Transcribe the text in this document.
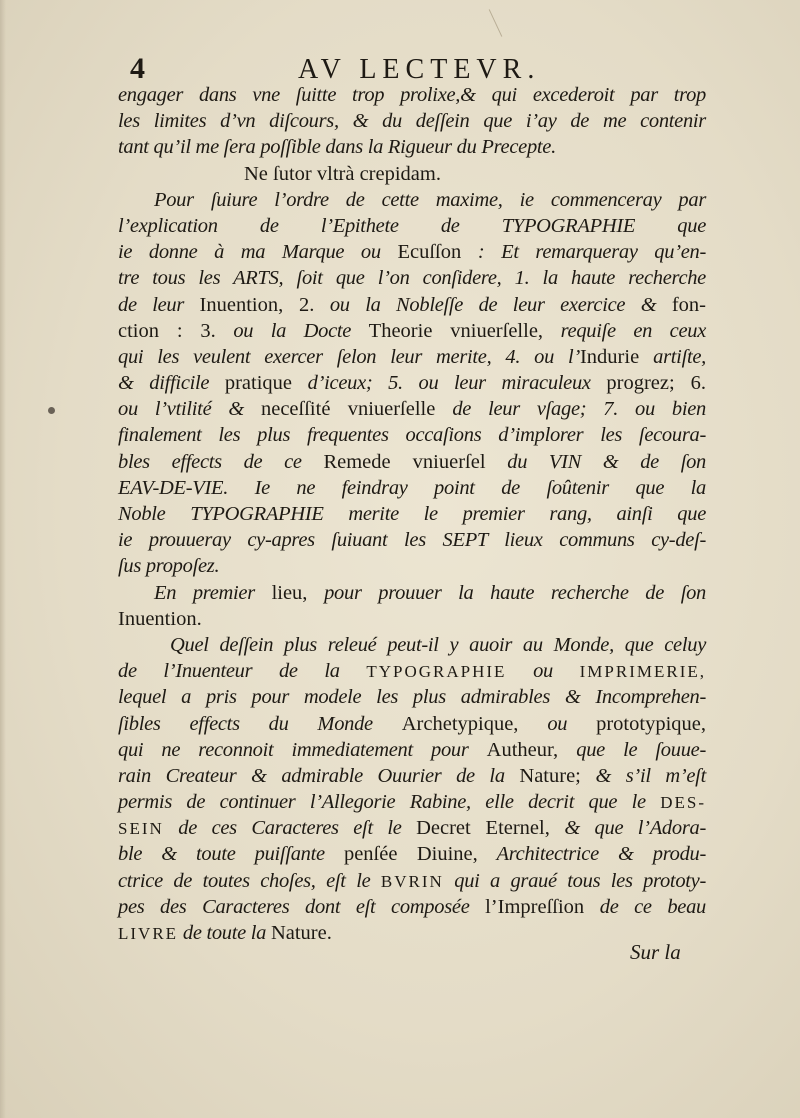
4	AV LECTEVR.
engager dans vne ſuitte trop prolixe,& qui excederoit par trop
les limites d’vn diſcours, & du deſſein que i’ay de me contenir
tant qu’il me ſera poſſible dans la Rigueur du Precepte.
Ne ſutor vltrà crepidam.
Pour ſuiure l’ordre de cette maxime, ie commenceray par
l’explication de l’Epithete de TYPOGRAPHIE que
ie donne à ma Marque ou Ecuſſon : Et remarqueray qu’en-
tre tous les ARTS, ſoit que l’on conſidere, 1. la haute recherche
de leur Inuention, 2. ou la Nobleſſe de leur exercice & fon-
ction : 3. ou la Docte Theorie vniuerſelle, requiſe en ceux
qui les veulent exercer ſelon leur merite, 4. ou l’Indurie artiſte,
& difficile pratique d’iceux; 5. ou leur miraculeux progrez; 6.
ou l’vtilité & neceſſité vniuerſelle de leur vſage; 7. ou bien
finalement les plus frequentes occaſions d’implorer les ſecoura-
bles effects de ce Remede vniuerſel du VIN & de ſon
EAV-DE-VIE. Ie ne feindray point de ſoûtenir que la
Noble TYPOGRAPHIE merite le premier rang, ainſi que
ie prouueray cy-apres ſuiuant les SEPT lieux communs cy-deſ-
ſus propoſez.
En premier lieu, pour prouuer la haute recherche de ſon
Inuention.
Quel deſſein plus releué peut-il y auoir au Monde, que celuy
de l’Inuenteur de la TYPOGRAPHIE ou IMPRIMERIE,
lequel a pris pour modele les plus admirables & Incomprehen-
ſibles effects du Monde Archetypique, ou prototypique,
qui ne reconnoit immediatement pour Autheur, que le ſouue-
rain Createur & admirable Ouurier de la Nature; & s’il m’eſt
permis de continuer l’Allegorie Rabine, elle decrit que le DES-
SEIN de ces Caracteres eſt le Decret Eternel, & que l’Adora-
ble & toute puiſſante penſée Diuine, Architectrice & produ-
ctrice de toutes choſes, eſt le BVRIN qui a graué tous les prototy-
pes des Caracteres dont eſt composée l’Impreſſion de ce beau
LIVRE de toute la Nature.
Sur la
